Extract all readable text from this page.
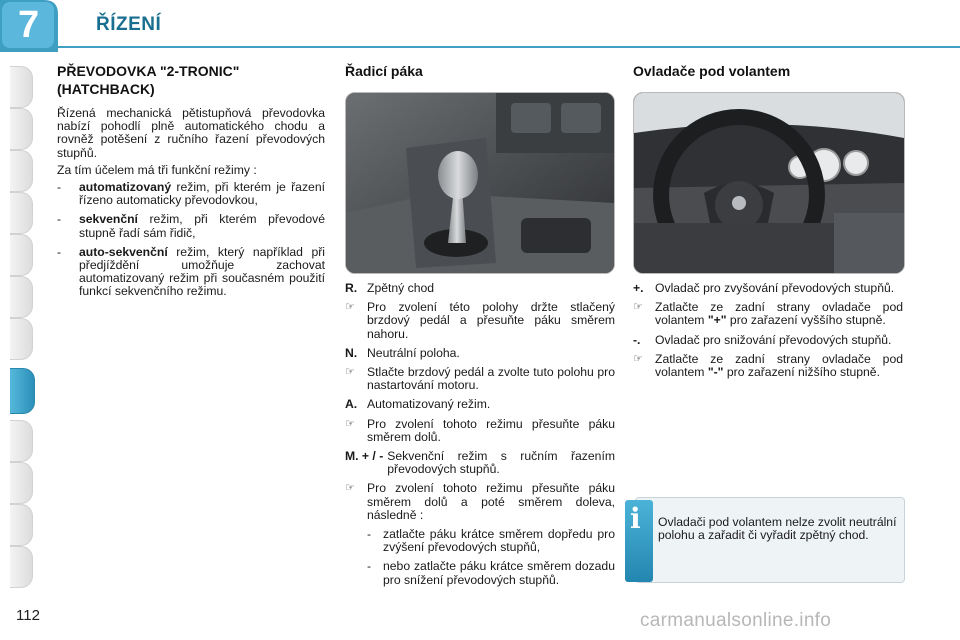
7	ŘÍZENÍ
PŘEVODOVKA "2-TRONIC" (HATCHBACK)
Řízená mechanická pětistupňová převodovka nabízí pohodlí plně automatického chodu a rovněž potěšení z ručního řazení převodových stupňů.
Za tím účelem má tři funkční režimy :
-	automatizovaný režim, při kterém je řazení řízeno automaticky převodovkou,
-	sekvenční režim, při kterém převodové stupně řadí sám řidič,
-	auto-sekvenční režim, který například při předjíždění umožňuje zachovat automatizovaný režim při současném použití funkcí sekvenčního režimu.
Řadicí páka
R. Zpětný chod
☞ Pro zvolení této polohy držte stlačený brzdový pedál a přesuňte páku směrem nahoru.
N. Neutrální poloha.
☞ Stlačte brzdový pedál a zvolte tuto polohu pro nastartování motoru.
A. Automatizovaný režim.
☞ Pro zvolení tohoto režimu přesuňte páku směrem dolů.
M. + / - Sekvenční režim s ručním řazením převodových stupňů.
☞ Pro zvolení tohoto režimu přesuňte páku směrem dolů a poté směrem doleva, následně :
- zatlačte páku krátce směrem dopředu pro zvýšení převodových stupňů,
- nebo zatlačte páku krátce směrem dozadu pro snížení převodových stupňů.
Ovladače pod volantem
+. Ovladač pro zvyšování převodových stupňů.
☞ Zatlačte ze zadní strany ovladače pod volantem "+" pro zařazení vyššího stupně.
-.	Ovladač pro snižování převodových stupňů.
☞ Zatlačte ze zadní strany ovladače pod volantem "-" pro zařazení nižšího stupně.
i Ovladači pod volantem nelze zvolit neutrální polohu a zařadit či vyřadit zpětný chod.
112	carmanualsonline.info
